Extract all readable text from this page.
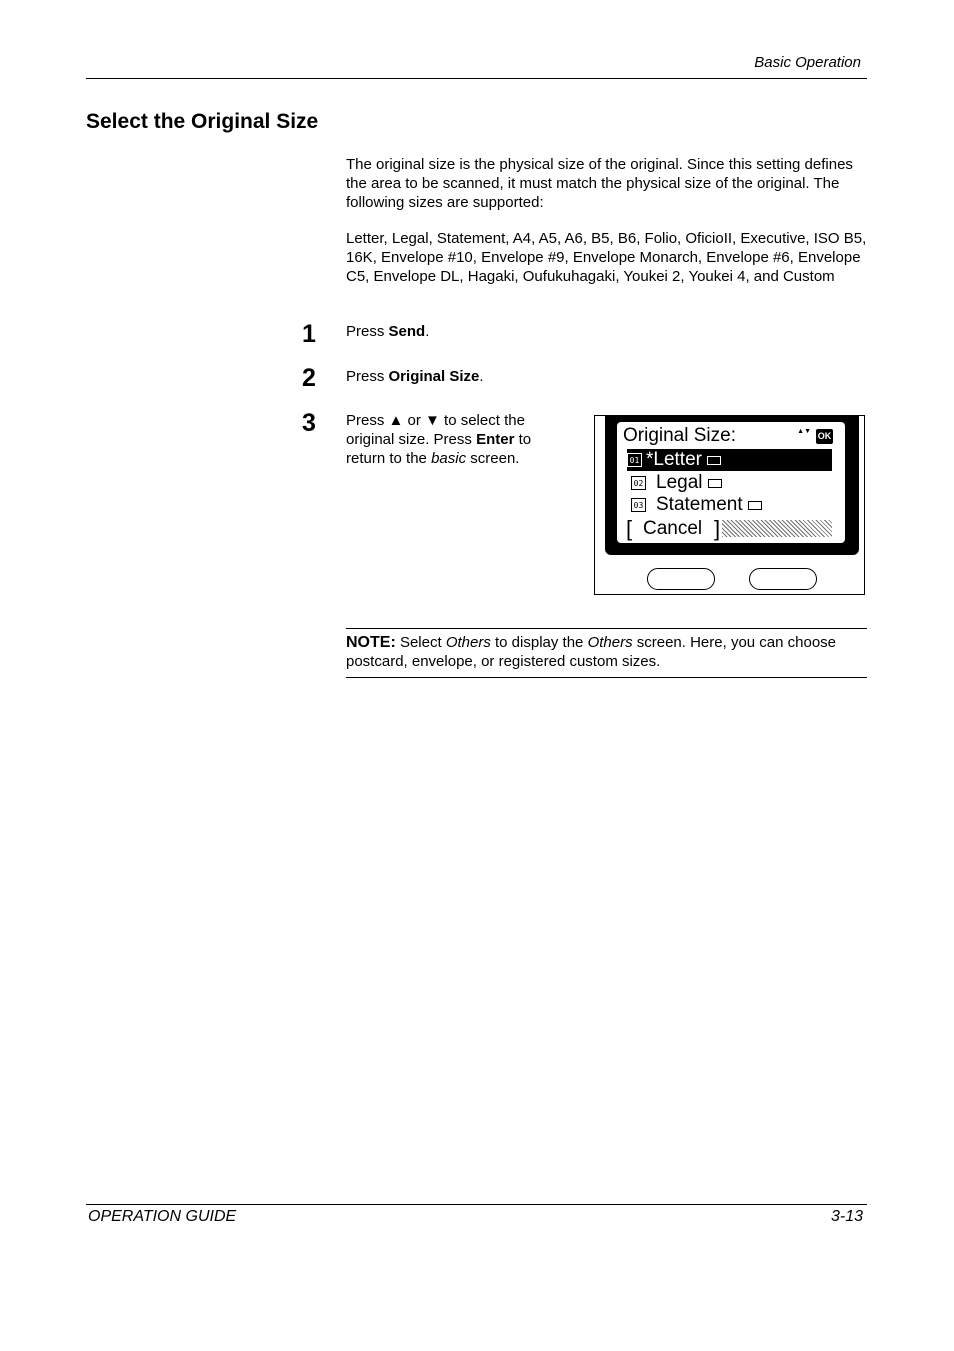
Basic Operation
Select the Original Size
The original size is the physical size of the original. Since this setting defines the area to be scanned, it must match the physical size of the original. The following sizes are supported:
Letter, Legal, Statement, A4, A5, A6, B5, B6, Folio, OficioII, Executive, ISO B5, 16K, Envelope #10, Envelope #9, Envelope Monarch, Envelope #6, Envelope C5, Envelope DL, Hagaki, Oufukuhagaki, Youkei 2, Youkei 4, and Custom
1 Press Send.
2 Press Original Size.
3 Press ▲ or ▼ to select the original size. Press Enter to return to the basic screen.
Original Size:	▲▼ OK
01 *Letter
02 Legal
03 Statement
[ Cancel ]
NOTE: Select Others to display the Others screen. Here, you can choose postcard, envelope, or registered custom sizes.
OPERATION GUIDE	3-13
